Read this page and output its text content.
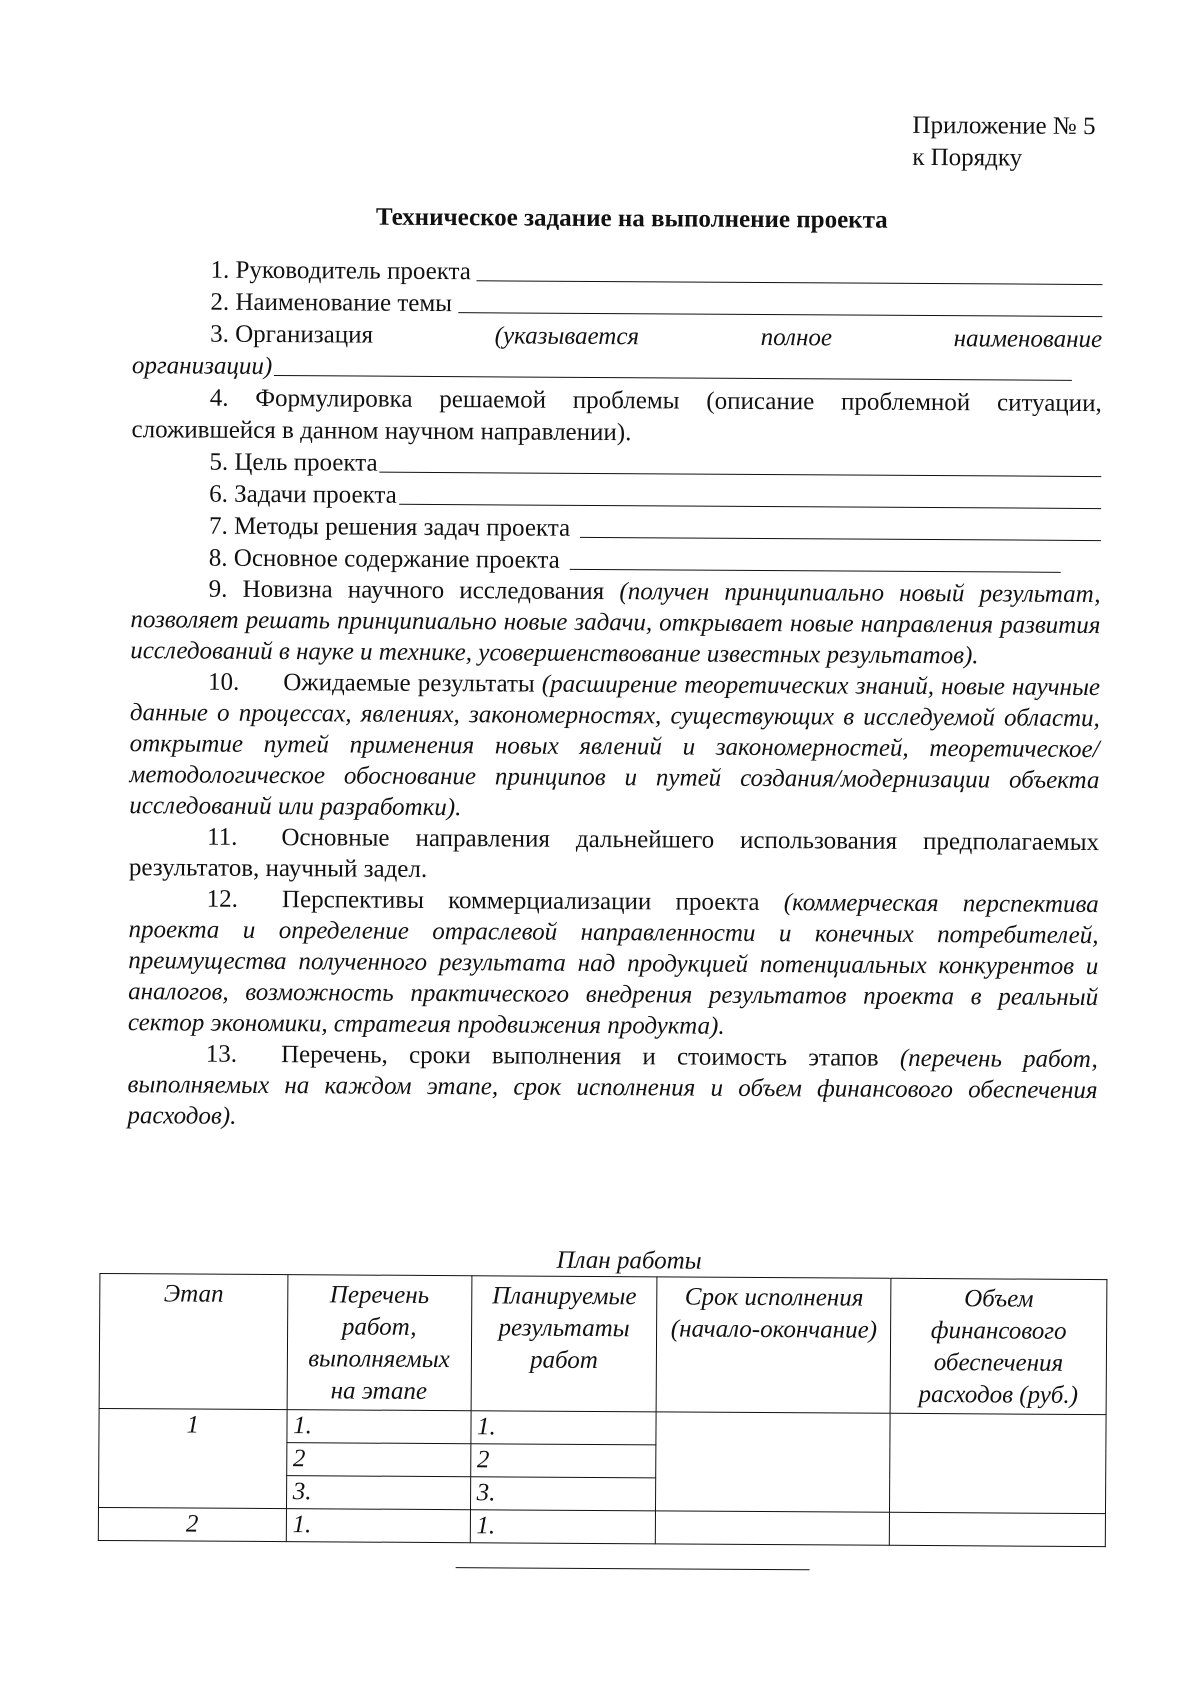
Приложение № 5
к Порядку
Техническое задание на выполнение проекта
1. Руководитель проекта
2. Наименование темы
3. Организация	(указывается	полное	наименование
организации)
4. Формулировка решаемой проблемы (описание проблемной ситуации,
сложившейся в данном научном направлении).
5. Цель проекта
6. Задачи проекта
7. Методы решения задач проекта
8. Основное содержание проекта

9. Новизна научного исследования (получен принципиально новый результат, позволяет решать принципиально новые задачи, открывает новые направления развития исследований в науке и технике, усовершенствование известных результатов).

10. Ожидаемые результаты (расширение теоретических знаний, новые научные данные о процессах, явлениях, закономерностях, существующих в исследуемой области, открытие путей применения новых явлений и закономерностей, теоретическое/ методологическое обоснование принципов и путей создания/модернизации объекта исследований или разработки).

11. Основные направления дальнейшего использования предполагаемых результатов, научный задел.

12. Перспективы коммерциализации проекта (коммерческая перспектива проекта и определение отраслевой направленности и конечных потребителей, преимущества полученного результата над продукцией потенциальных конкурентов и аналогов, возможность практического внедрения результатов проекта в реальный сектор экономики, стратегия продвижения продукта).

13. Перечень, сроки выполнения и стоимость этапов (перечень работ, выполняемых на каждом этапе, срок исполнения и объем финансового обеспечения расходов).

План работы
Этап	Перечень работ, выполняемых на этапе	Планируемые результаты работ	Срок исполнения (начало-окончание)	Объем финансового обеспечения расходов (руб.)
1	1.	1.		
	2	2		
	3.	3.		
2	1.	1.		
